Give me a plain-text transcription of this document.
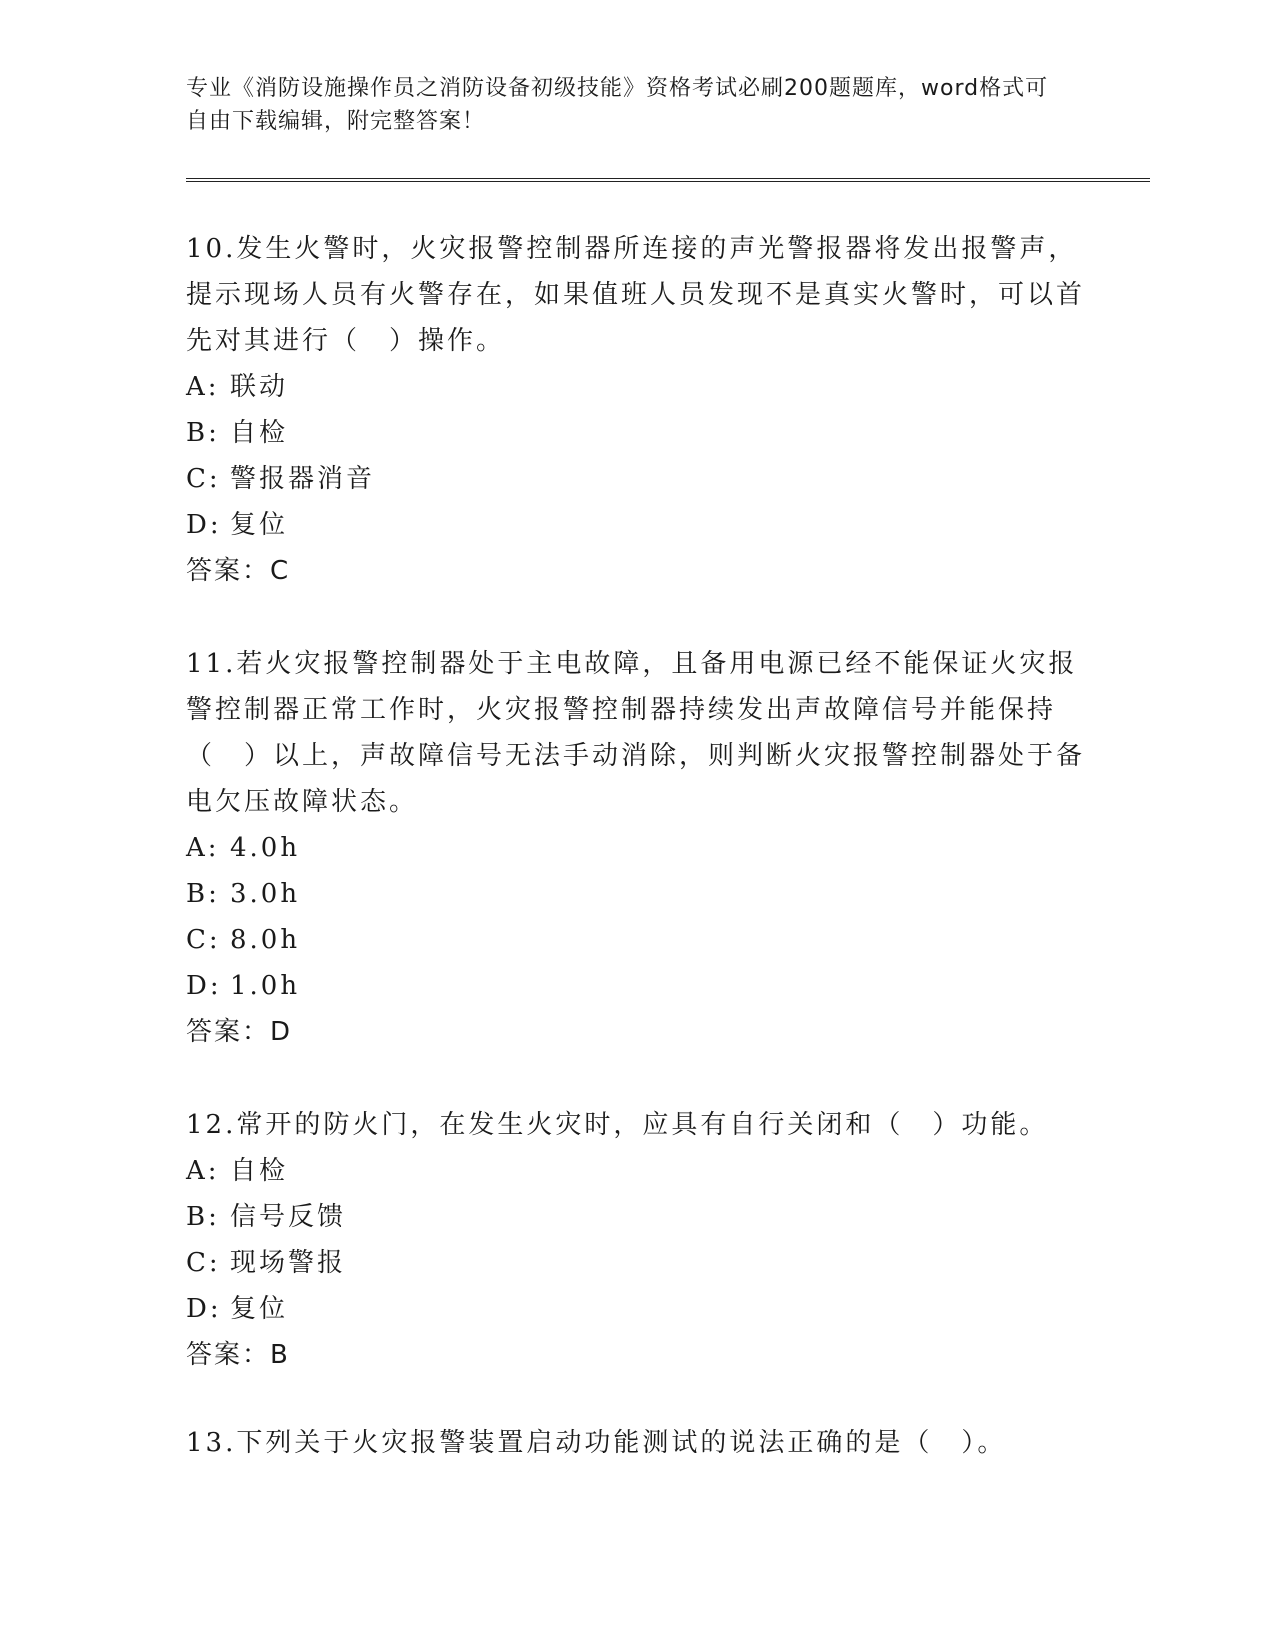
专业《消防设施操作员之消防设备初级技能》资格考试必刷200题题库，word格式可自由下载编辑，附完整答案！

10.发生火警时，火灾报警控制器所连接的声光警报器将发出报警声，提示现场人员有火警存在，如果值班人员发现不是真实火警时，可以首先对其进行（　）操作。

A: 联动

B: 自检

C: 警报器消音

D: 复位

答案：C

11.若火灾报警控制器处于主电故障，且备用电源已经不能保证火灾报警控制器正常工作时，火灾报警控制器持续发出声故障信号并能保持（　）以上，声故障信号无法手动消除，则判断火灾报警控制器处于备电欠压故障状态。

A: 4.0h

B: 3.0h

C: 8.0h

D: 1.0h

答案：D

12.常开的防火门，在发生火灾时，应具有自行关闭和（　）功能。

A: 自检

B: 信号反馈

C: 现场警报

D: 复位

答案：B

13.下列关于火灾报警装置启动功能测试的说法正确的是（　）。
